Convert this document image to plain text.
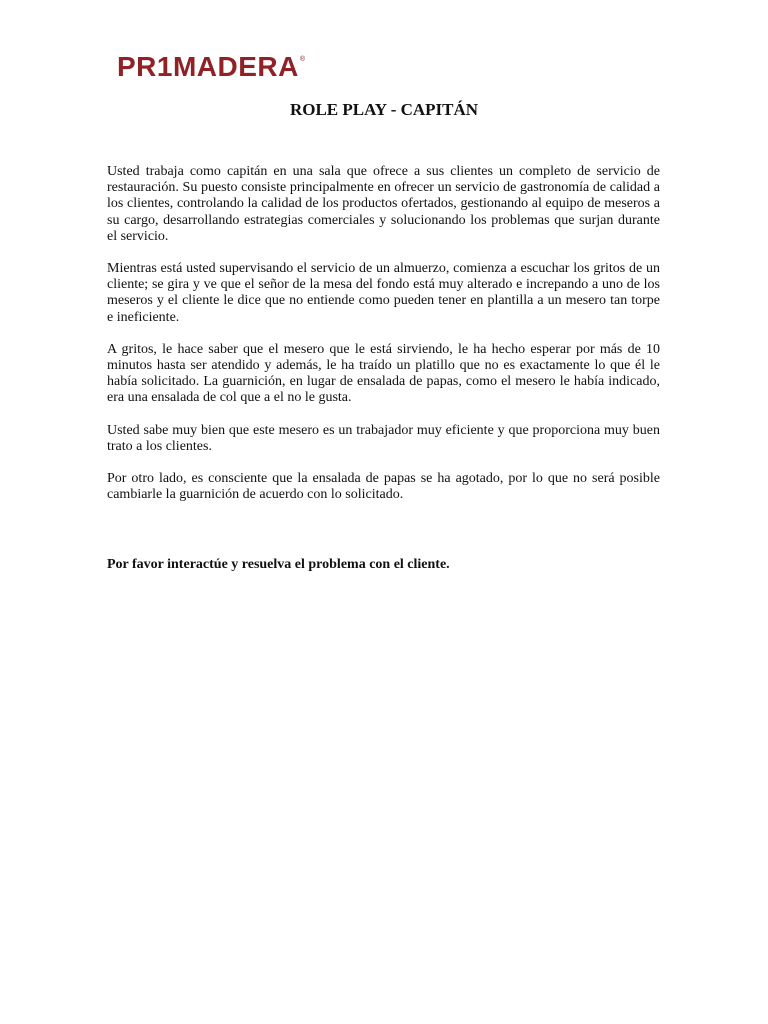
PR1MADERA ®
ROLE PLAY - CAPITÁN

Usted trabaja como capitán en una sala que ofrece a sus clientes un completo de servicio de restauración. Su puesto consiste principalmente en ofrecer un servicio de gastronomía de calidad a los clientes, controlando la calidad de los productos ofertados, gestionando al equipo de meseros a su cargo, desarrollando estrategias comerciales y solucionando los problemas que surjan durante el servicio.

Mientras está usted supervisando el servicio de un almuerzo, comienza a escuchar los gritos de un cliente; se gira y ve que el señor de la mesa del fondo está muy alterado e increpando a uno de los meseros y el cliente le dice que no entiende como pueden tener en plantilla a un mesero tan torpe e ineficiente.

A gritos, le hace saber que el mesero que le está sirviendo, le ha hecho esperar por más de 10 minutos hasta ser atendido y además, le ha traído un platillo que no es exactamente lo que él le había solicitado. La guarnición, en lugar de ensalada de papas, como el mesero le había indicado, era una ensalada de col que a el no le gusta.

Usted sabe muy bien que este mesero es un trabajador muy eficiente y que proporciona muy buen trato a los clientes.

Por otro lado, es consciente que la ensalada de papas se ha agotado, por lo que no será posible cambiarle la guarnición de acuerdo con lo solicitado.

Por favor interactúe y resuelva el problema con el cliente.
